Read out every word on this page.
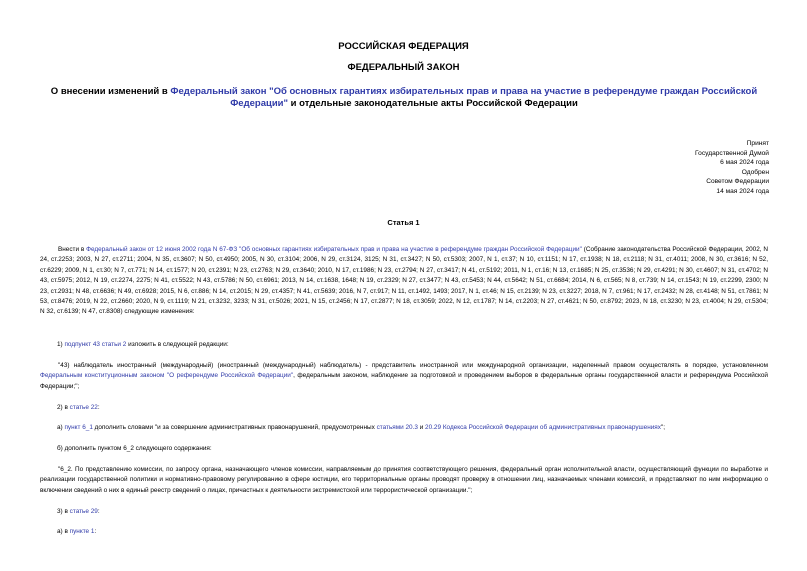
РОССИЙСКАЯ ФЕДЕРАЦИЯ
ФЕДЕРАЛЬНЫЙ ЗАКОН
О внесении изменений в Федеральный закон "Об основных гарантиях избирательных прав и права на участие в референдуме граждан Российской Федерации" и отдельные законодательные акты Российской Федерации
Принят
Государственной Думой
6 мая 2024 года
Одобрен
Советом Федерации
14 мая 2024 года
Статья 1
Внести в Федеральный закон от 12 июня 2002 года N 67-ФЗ "Об основных гарантиях избирательных прав и права на участие в референдуме граждан Российской Федерации" (Собрание законодательства Российской Федерации, 2002, N 24, ст.2253; 2003, N 27, ст.2711; 2004, N 35, ст.3607; N 50, ст.4950; 2005, N 30, ст.3104; 2006, N 29, ст.3124, 3125; N 31, ст.3427; N 50, ст.5303; 2007, N 1, ст.37; N 10, ст.1151; N 17, ст.1938; N 18, ст.2118; N 31, ст.4011; 2008, N 30, ст.3616; N 52, ст.6229; 2009, N 1, ст.30; N 7, ст.771; N 14, ст.1577; N 20, ст.2391; N 23, ст.2763; N 29, ст.3640; 2010, N 17, ст.1986; N 23, ст.2794; N 27, ст.3417; N 41, ст.5192; 2011, N 1, ст.16; N 13, ст.1685; N 25, ст.3536; N 29, ст.4291; N 30, ст.4607; N 31, ст.4702; N 43, ст.5975; 2012, N 19, ст.2274, 2275; N 41, ст.5522; N 43, ст.5786; N 50, ст.6961; 2013, N 14, ст.1638, 1648; N 19, ст.2329; N 27, ст.3477; N 43, ст.5453; N 44, ст.5642; N 51, ст.6684; 2014, N 6, ст.565; N 8, ст.739; N 14, ст.1543; N 19, ст.2299, 2300; N 23, ст.2931; N 48, ст.6636; N 49, ст.6928; 2015, N 6, ст.886; N 14, ст.2015; N 29, ст.4357; N 41, ст.5639; 2016, N 7, ст.917; N 11, ст.1492, 1493; 2017, N 1, ст.46; N 15, ст.2139; N 23, ст.3227; 2018, N 7, ст.961; N 17, ст.2432; N 28, ст.4148; N 51, ст.7861; N 53, ст.8476; 2019, N 22, ст.2660; 2020, N 9, ст.1119; N 21, ст.3232, 3233; N 31, ст.5026; 2021, N 15, ст.2456; N 17, ст.2877; N 18, ст.3059; 2022, N 12, ст.1787; N 14, ст.2203; N 27, ст.4621; N 50, ст.8792; 2023, N 18, ст.3230; N 23, ст.4004; N 29, ст.5304; N 32, ст.6139; N 47, ст.8308) следующие изменения:
1) подпункт 43 статьи 2 изложить в следующей редакции:
"43) наблюдатель иностранный (международный) (иностранный (международный) наблюдатель) - представитель иностранной или международной организации, наделенный правом осуществлять в порядке, установленном Федеральным конституционным законом "О референдуме Российской Федерации", федеральным законом, наблюдение за подготовкой и проведением выборов в федеральные органы государственной власти и референдума Российской Федерации;";
2) в статье 22:
а) пункт 6_1 дополнить словами "и за совершение административных правонарушений, предусмотренных статьями 20.3 и 20.29 Кодекса Российской Федерации об административных правонарушениях";
б) дополнить пунктом 6_2 следующего содержания:
"6_2. По представлению комиссии, по запросу органа, назначающего членов комиссии, направляемым до принятия соответствующего решения, федеральный орган исполнительной власти, осуществляющий функции по выработке и реализации государственной политики и нормативно-правовому регулированию в сфере юстиции, его территориальные органы проводят проверку в отношении лиц, назначаемых членами комиссий, и представляют по ним информацию о включении сведений о них в единый реестр сведений о лицах, причастных к деятельности экстремистской или террористической организации.";
3) в статье 29:
а) в пункте 1:
